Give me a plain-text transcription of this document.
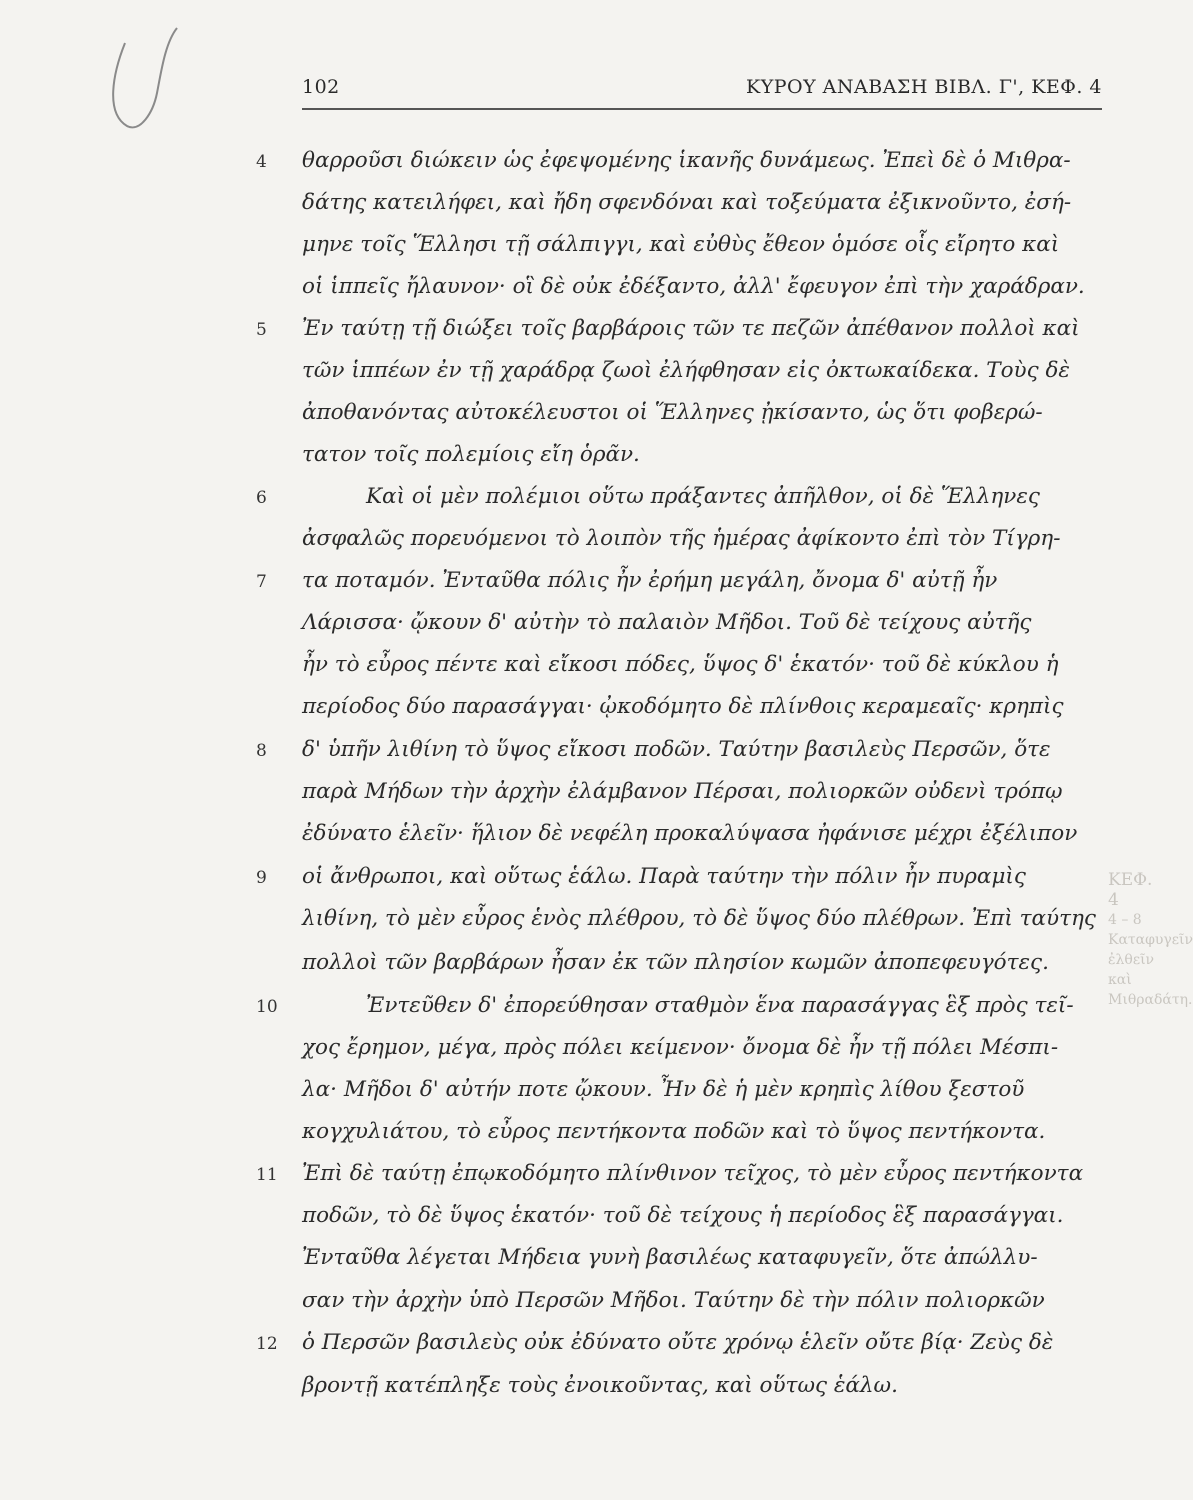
102	ΚΥΡΟΥ ΑΝΑΒΑΣΗ ΒΙΒΛ. Γ', ΚΕΦ. 4
4
5
6
7
8
9
10
11
12
θαρροῦσι διώκειν ὡς ἐφεψομένης ἱκανῆς δυνάμεως. Ἐπεὶ δὲ ὁ Μιθρα-
δάτης κατειλήφει, καὶ ἤδη σφενδόναι καὶ τοξεύματα ἐξικνοῦντο, ἐσή-
μηνε τοῖς Ἕλλησι τῇ σάλπιγγι, καὶ εὐθὺς ἔθεον ὁμόσε οἷς εἴρητο καὶ
οἱ ἱππεῖς ἤλαυνον· οἳ δὲ οὐκ ἐδέξαντο, ἀλλ' ἔφευγον ἐπὶ τὴν χαράδραν.
Ἐν ταύτῃ τῇ διώξει τοῖς βαρβάροις τῶν τε πεζῶν ἀπέθανον πολλοὶ καὶ
τῶν ἱππέων ἐν τῇ χαράδρᾳ ζωοὶ ἐλήφθησαν εἰς ὀκτωκαίδεκα. Τοὺς δὲ
ἀποθανόντας αὐτοκέλευστοι οἱ Ἕλληνες ᾐκίσαντο, ὡς ὅτι φοβερώ-
τατον τοῖς πολεμίοις εἴη ὁρᾶν.
Καὶ οἱ μὲν πολέμιοι οὕτω πράξαντες ἀπῆλθον, οἱ δὲ Ἕλληνες
ἀσφαλῶς πορευόμενοι τὸ λοιπὸν τῆς ἡμέρας ἀφίκοντο ἐπὶ τὸν Τίγρη-
τα ποταμόν. Ἐνταῦθα πόλις ἦν ἐρήμη μεγάλη, ὄνομα δ' αὐτῇ ἦν
Λάρισσα· ᾤκουν δ' αὐτὴν τὸ παλαιὸν Μῆδοι. Τοῦ δὲ τείχους αὐτῆς
ἦν τὸ εὖρος πέντε καὶ εἴκοσι πόδες, ὕψος δ' ἑκατόν· τοῦ δὲ κύκλου ἡ
περίοδος δύο παρασάγγαι· ᾠκοδόμητο δὲ πλίνθοις κεραμεαῖς· κρηπὶς
δ' ὑπῆν λιθίνη τὸ ὕψος εἴκοσι ποδῶν. Ταύτην βασιλεὺς Περσῶν, ὅτε
παρὰ Μήδων τὴν ἀρχὴν ἐλάμβανον Πέρσαι, πολιορκῶν οὐδενὶ τρόπῳ
ἐδύνατο ἑλεῖν· ἥλιον δὲ νεφέλη προκαλύψασα ἠφάνισε μέχρι ἐξέλιπον
οἱ ἄνθρωποι, καὶ οὕτως ἑάλω. Παρὰ ταύτην τὴν πόλιν ἦν πυραμὶς
λιθίνη, τὸ μὲν εὖρος ἑνὸς πλέθρου, τὸ δὲ ὕψος δύο πλέθρων. Ἐπὶ ταύτης
πολλοὶ τῶν βαρβάρων ἦσαν ἐκ τῶν πλησίον κωμῶν ἀποπεφευγότες.
Ἐντεῦθεν δ' ἐπορεύθησαν σταθμὸν ἕνα παρασάγγας ἓξ πρὸς τεῖ-
χος ἔρημον, μέγα, πρὸς πόλει κείμενον· ὄνομα δὲ ἦν τῇ πόλει Μέσπι-
λα· Μῆδοι δ' αὐτήν ποτε ᾤκουν. Ἦν δὲ ἡ μὲν κρηπὶς λίθου ξεστοῦ
κογχυλιάτου, τὸ εὖρος πεντήκοντα ποδῶν καὶ τὸ ὕψος πεντήκοντα.
Ἐπὶ δὲ ταύτῃ ἐπῳκοδόμητο πλίνθινον τεῖχος, τὸ μὲν εὖρος πεντήκοντα
ποδῶν, τὸ δὲ ὕψος ἑκατόν· τοῦ δὲ τείχους ἡ περίοδος ἓξ παρασάγγαι.
Ἐνταῦθα λέγεται Μήδεια γυνὴ βασιλέως καταφυγεῖν, ὅτε ἀπώλλυ-
σαν τὴν ἀρχὴν ὑπὸ Περσῶν Μῆδοι. Ταύτην δὲ τὴν πόλιν πολιορκῶν
ὁ Περσῶν βασιλεὺς οὐκ ἐδύνατο οὔτε χρόνῳ ἑλεῖν οὔτε βίᾳ· Ζεὺς δὲ
βροντῇ κατέπληξε τοὺς ἐνοικοῦντας, καὶ οὕτως ἑάλω.
ΚΕΦ. 4
4 – 8
Καταφυγεῖν
ἐλθεῖν καὶ
Μιθραδάτη.
